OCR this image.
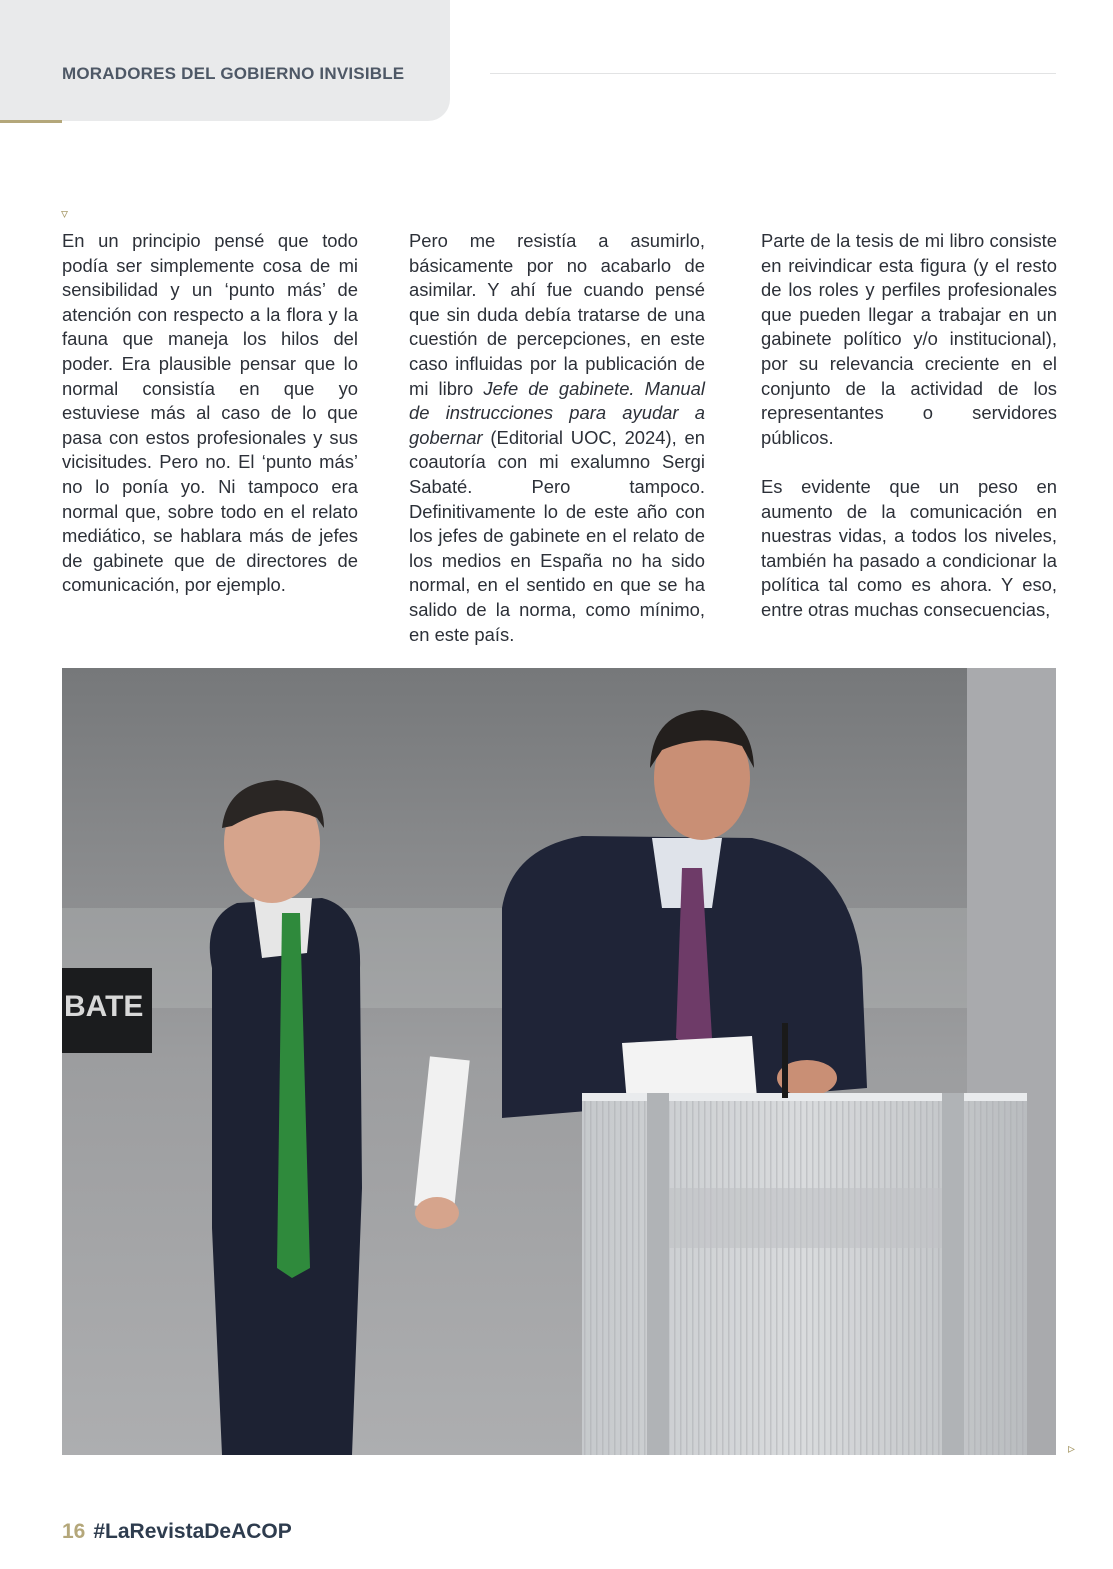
MORADORES DEL GOBIERNO INVISIBLE
▿

En un principio pensé que todo podía ser simplemente cosa de mi sensibilidad y un ‘punto más’ de atención con respecto a la flora y la fauna que maneja los hilos del poder. Era plausible pensar que lo normal consistía en que yo estuviese más al caso de lo que pasa con estos profesionales y sus vicisitudes. Pero no. El ‘punto más’ no lo ponía yo. Ni tampoco era normal que, sobre todo en el relato mediático, se hablara más de jefes de gabinete que de directores de comunicación, por ejemplo.

Pero me resistía a asumirlo, básicamente por no acabarlo de asimilar. Y ahí fue cuando pensé que sin duda debía tratarse de una cuestión de percepciones, en este caso influidas por la publicación de mi libro Jefe de gabinete. Manual de instrucciones para ayudar a gobernar (Editorial UOC, 2024), en coautoría con mi exalumno Sergi Sabaté. Pero tampoco. Definitivamente lo de este año con los jefes de gabinete en el relato de los medios en España no ha sido normal, en el sentido en que se ha salido de la norma, como mínimo, en este país.

Parte de la tesis de mi libro consiste en reivindicar esta figura (y el resto de los roles y perfiles profesionales que pueden llegar a trabajar en un gabinete político y/o institucional), por su relevancia creciente en el conjunto de la actividad de los representantes o servidores públicos.

Es evidente que un peso en aumento de la comunicación en nuestras vidas, a todos los niveles, también ha pasado a condicionar la política tal como es ahora. Y eso, entre otras muchas consecuencias,

BATE
▹
16 #LaRevistaDeACOP
